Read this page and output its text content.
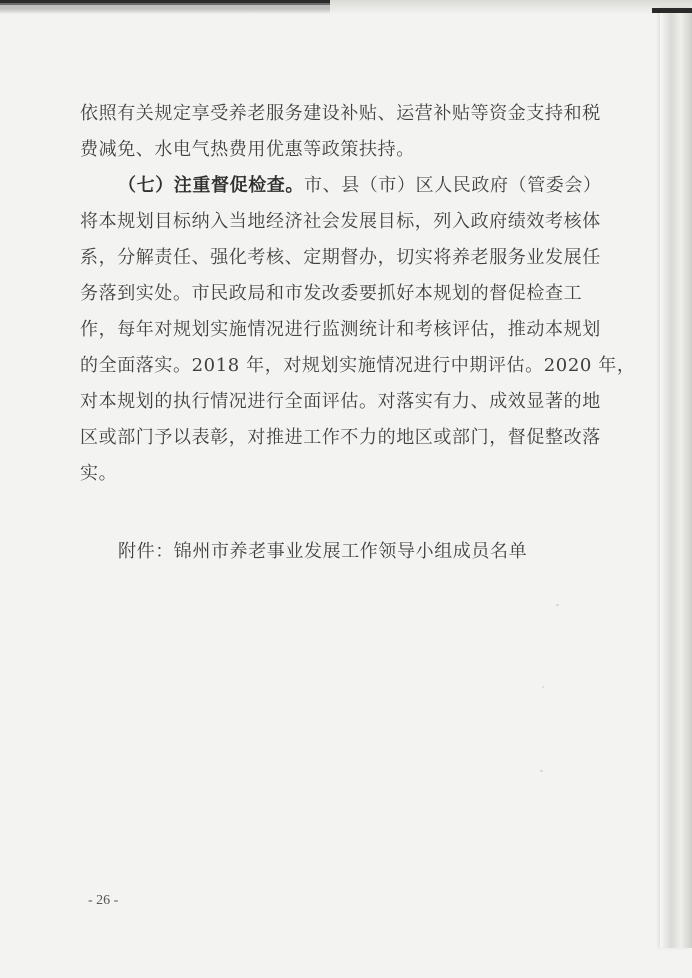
依照有关规定享受养老服务建设补贴、运营补贴等资金支持和税
费减免、水电气热费用优惠等政策扶持。
（七）注重督促检查。市、县（市）区人民政府（管委会）
将本规划目标纳入当地经济社会发展目标，列入政府绩效考核体
系，分解责任、强化考核、定期督办，切实将养老服务业发展任
务落到实处。市民政局和市发改委要抓好本规划的督促检查工
作，每年对规划实施情况进行监测统计和考核评估，推动本规划
的全面落实。2018 年，对规划实施情况进行中期评估。2020 年，
对本规划的执行情况进行全面评估。对落实有力、成效显著的地
区或部门予以表彰，对推进工作不力的地区或部门，督促整改落
实。
附件：锦州市养老事业发展工作领导小组成员名单
- 26 -
